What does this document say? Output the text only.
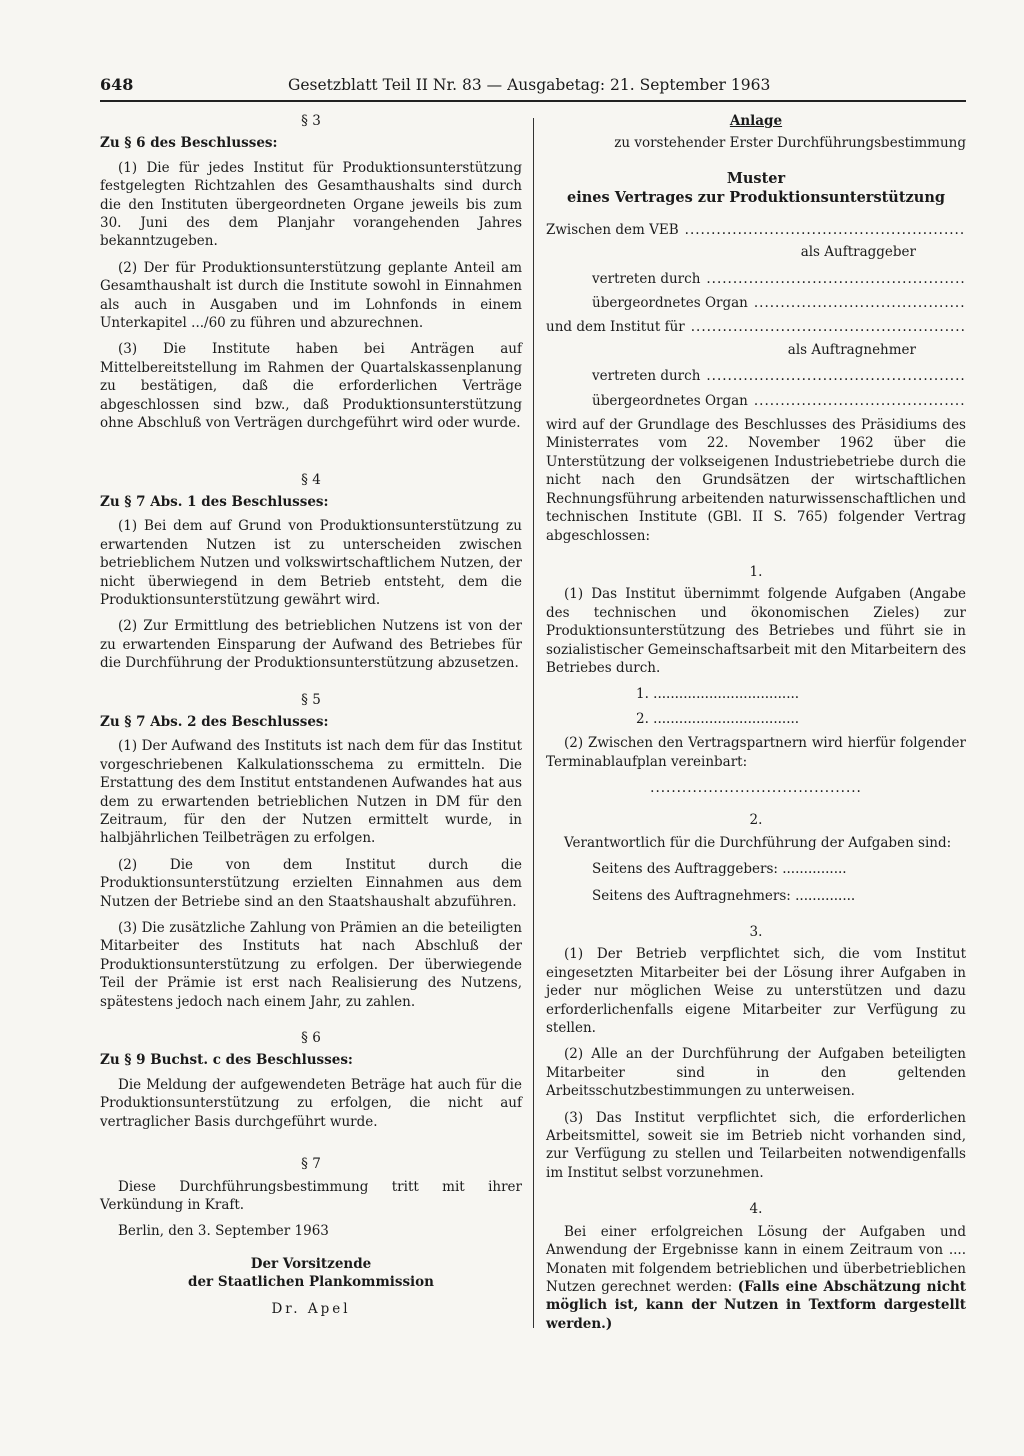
648	Gesetzblatt Teil II Nr. 83 — Ausgabetag: 21. September 1963
§ 3
Zu § 6 des Beschlusses:

(1) Die für jedes Institut für Produktionsunterstützung festgelegten Richtzahlen des Gesamthaushalts sind durch die den Instituten übergeordneten Organe jeweils bis zum 30. Juni des dem Planjahr vorangehenden Jahres bekanntzugeben.

(2) Der für Produktionsunterstützung geplante Anteil am Gesamthaushalt ist durch die Institute sowohl in Einnahmen als auch in Ausgaben und im Lohnfonds in einem Unterkapitel .../60 zu führen und abzurechnen.

(3) Die Institute haben bei Anträgen auf Mittelbereitstellung im Rahmen der Quartalskassenplanung zu bestätigen, daß die erforderlichen Verträge abgeschlossen sind bzw., daß Produktionsunterstützung ohne Abschluß von Verträgen durchgeführt wird oder wurde.

§ 4
Zu § 7 Abs. 1 des Beschlusses:

(1) Bei dem auf Grund von Produktionsunterstützung zu erwartenden Nutzen ist zu unterscheiden zwischen betrieblichem Nutzen und volkswirtschaftlichem Nutzen, der nicht überwiegend in dem Betrieb entsteht, dem die Produktionsunterstützung gewährt wird.

(2) Zur Ermittlung des betrieblichen Nutzens ist von der zu erwartenden Einsparung der Aufwand des Betriebes für die Durchführung der Produktionsunterstützung abzusetzen.

§ 5
Zu § 7 Abs. 2 des Beschlusses:

(1) Der Aufwand des Instituts ist nach dem für das Institut vorgeschriebenen Kalkulationsschema zu ermitteln. Die Erstattung des dem Institut entstandenen Aufwandes hat aus dem zu erwartenden betrieblichen Nutzen in DM für den Zeitraum, für den der Nutzen ermittelt wurde, in halbjährlichen Teilbeträgen zu erfolgen.

(2) Die von dem Institut durch die Produktionsunterstützung erzielten Einnahmen aus dem Nutzen der Betriebe sind an den Staatshaushalt abzuführen.

(3) Die zusätzliche Zahlung von Prämien an die beteiligten Mitarbeiter des Instituts hat nach Abschluß der Produktionsunterstützung zu erfolgen. Der überwiegende Teil der Prämie ist erst nach Realisierung des Nutzens, spätestens jedoch nach einem Jahr, zu zahlen.

§ 6
Zu § 9 Buchst. c des Beschlusses:

Die Meldung der aufgewendeten Beträge hat auch für die Produktionsunterstützung zu erfolgen, die nicht auf vertraglicher Basis durchgeführt wurde.

§ 7

Diese Durchführungsbestimmung tritt mit ihrer Verkündung in Kraft.

Berlin, den 3. September 1963
Der Vorsitzende
der Staatlichen Plankommission
Dr. Apel
Anlage
zu vorstehender Erster Durchführungsbestimmung
Muster
eines Vertrages zur Produktionsunterstützung
Zwischen dem VEB
.....
als Auftraggeber
vertreten durch
.....
übergeordnetes Organ
.....
und dem Institut für
.....
als Auftragnehmer
vertreten durch
.....
übergeordnetes Organ
.....

wird auf der Grundlage des Beschlusses des Präsidiums des Ministerrates vom 22. November 1962 über die Unterstützung der volkseigenen Industriebetriebe durch die nicht nach den Grundsätzen der wirtschaftlichen Rechnungsführung arbeitenden naturwissenschaftlichen und technischen Institute (GBl. II S. 765) folgender Vertrag abgeschlossen:

1.

(1) Das Institut übernimmt folgende Aufgaben (Angabe des technischen und ökonomischen Zieles) zur Produktionsunterstützung des Betriebes und führt sie in sozialistischer Gemeinschaftsarbeit mit den Mitarbeitern des Betriebes durch.

1. ..................................
2. ..................................

(2) Zwischen den Vertragspartnern wird hierfür folgender Terminablaufplan vereinbart:

........................................
2.

Verantwortlich für die Durchführung der Aufgaben sind:

Seitens des Auftraggebers: ...............
Seitens des Auftragnehmers: ..............
3.

(1) Der Betrieb verpflichtet sich, die vom Institut eingesetzten Mitarbeiter bei der Lösung ihrer Aufgaben in jeder nur möglichen Weise zu unterstützen und dazu erforderlichenfalls eigene Mitarbeiter zur Verfügung zu stellen.

(2) Alle an der Durchführung der Aufgaben beteiligten Mitarbeiter sind in den geltenden Arbeitsschutzbestimmungen zu unterweisen.

(3) Das Institut verpflichtet sich, die erforderlichen Arbeitsmittel, soweit sie im Betrieb nicht vorhanden sind, zur Verfügung zu stellen und Teilarbeiten notwendigenfalls im Institut selbst vorzunehmen.

4.

Bei einer erfolgreichen Lösung der Aufgaben und Anwendung der Ergebnisse kann in einem Zeitraum von .... Monaten mit folgendem betrieblichen und überbetrieblichen Nutzen gerechnet werden: (Falls eine Abschätzung nicht möglich ist, kann der Nutzen in Textform dargestellt werden.)
